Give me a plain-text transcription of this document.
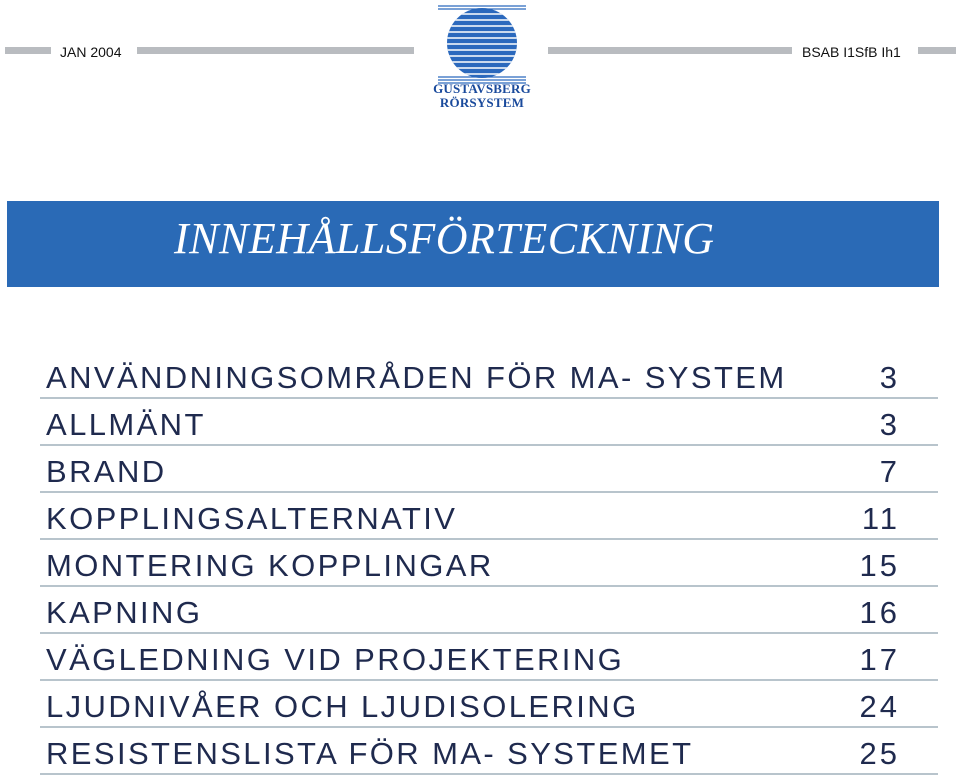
JAN 2004	BSAB I1SfB Ih1
GUSTAVSBERG
RÖRSYSTEM
INNEHÅLLSFÖRTECKNING
ANVÄNDNINGSOMRÅDEN FÖR MA- SYSTEM	3
ALLMÄNT	3
BRAND	7
KOPPLINGSALTERNATIV	11
MONTERING KOPPLINGAR	15
KAPNING	16
VÄGLEDNING VID PROJEKTERING	17
LJUDNIVÅER OCH LJUDISOLERING	24
RESISTENSLISTA FÖR MA- SYSTEMET	25
